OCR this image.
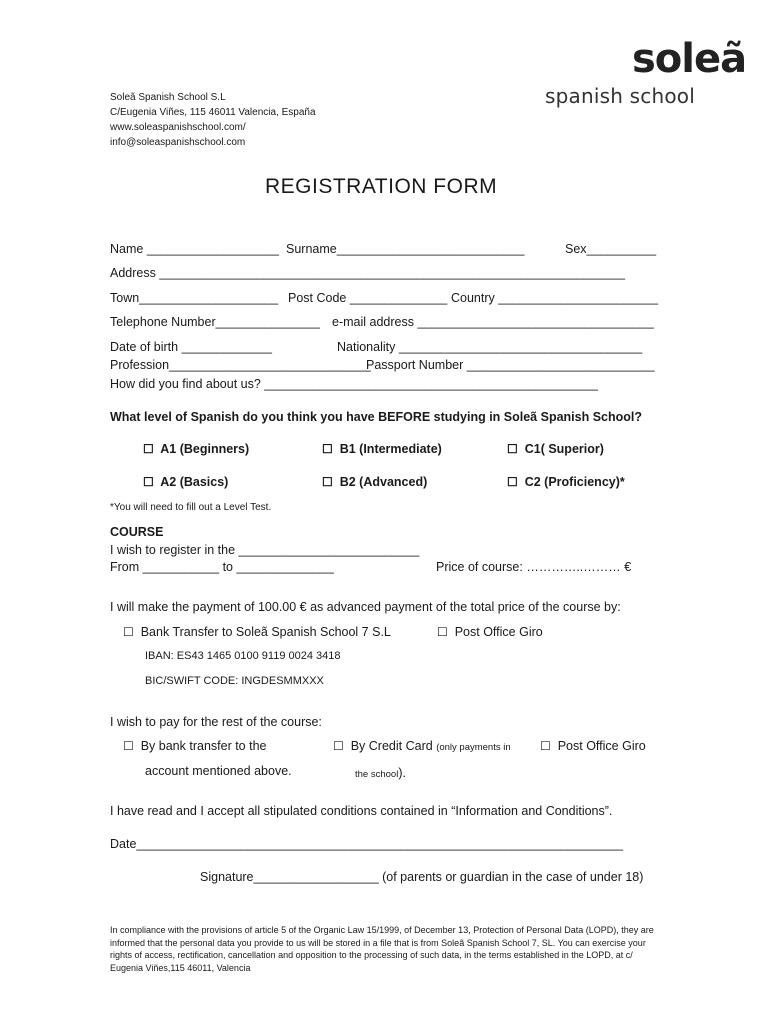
soleã
spanish school
Soleã Spanish School S.L
C/Eugenia Viñes, 115 46011 Valencia, España
www.soleaspanishschool.com/
info@soleaspanishschool.com
REGISTRATION FORM
Name ___________________ Surname___________________________	Sex__________
Address ___________________________________________________________________
Town____________________ Post Code ______________ Country _______________________
Telephone Number_______________ e-mail address __________________________________
Date of birth _____________	Nationality ___________________________________
Profession_____________________________
Passport Number ___________________________
How did you find about us? ________________________________________________
What level of Spanish do you think you have BEFORE studying in Soleã Spanish School?
☐ A1 (Beginners)	☐ B1 (Intermediate)	☐ C1( Superior)
☐ A2 (Basics)	☐ B2 (Advanced)	☐ C2 (Proficiency)*
*You will need to fill out a Level Test.
COURSE
I wish to register in the __________________________
From ___________ to ______________	Price of course: …………..……… €
I will make the payment of 100.00 € as advanced payment of the total price of the course by:
☐ Bank Transfer to Soleã Spanish School 7 S.L	☐ Post Office Giro
IBAN: ES43 1465 0100 9119 0024 3418
BIC/SWIFT CODE: INGDESMMXXX
I wish to pay for the rest of the course:
☐ By bank transfer to the
account mentioned above.
☐ By Credit Card (only payments in
the school).
☐ Post Office Giro
I have read and I accept all stipulated conditions contained in “Information and Conditions”.
Date______________________________________________________________________
Signature__________________ (of parents or guardian in the case of under 18)
In compliance with the provisions of article 5 of the Organic Law 15/1999, of December 13, Protection of Personal Data (LOPD), they are informed that the personal data you provide to us will be stored in a file that is from Soleã Spanish School 7, SL. You can exercise your rights of access, rectification, cancellation and opposition to the processing of such data, in the terms established in the LOPD, at c/ Eugenia Viñes,115 46011, Valencia
